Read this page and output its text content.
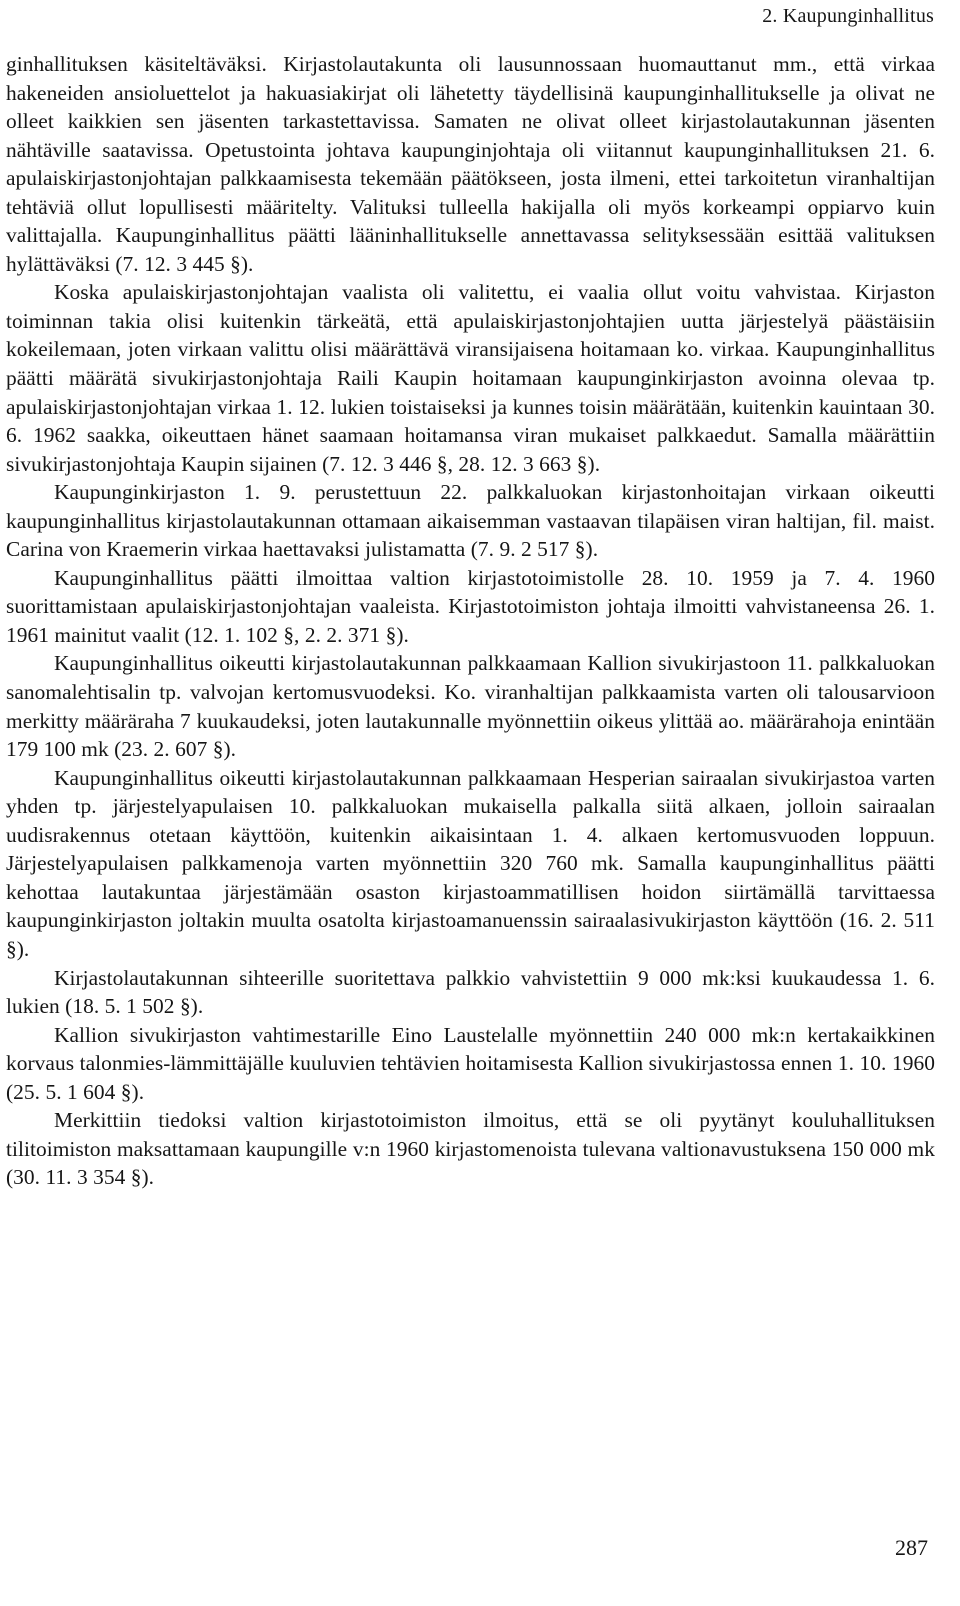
2. Kaupunginhallitus

ginhallituksen käsiteltäväksi. Kirjastolautakunta oli lausunnossaan huomauttanut mm., että virkaa hakeneiden ansioluettelot ja hakuasiakirjat oli lähetetty täydellisinä kaupunginhallitukselle ja olivat ne olleet kaikkien sen jäsenten tarkastettavissa. Samaten ne olivat olleet kirjastolautakunnan jäsenten nähtäville saatavissa. Opetustointa johtava kaupunginjohtaja oli viitannut kaupunginhallituksen 21. 6. apulaiskirjastonjohtajan palkkaamisesta tekemään päätökseen, josta ilmeni, ettei tarkoitetun viranhaltijan tehtäviä ollut lopullisesti määritelty. Valituksi tulleella hakijalla oli myös korkeampi oppiarvo kuin valittajalla. Kaupunginhallitus päätti lääninhallitukselle annettavassa selityksessään esittää valituksen hylättäväksi (7. 12. 3 445 §).

Koska apulaiskirjastonjohtajan vaalista oli valitettu, ei vaalia ollut voitu vahvistaa. Kirjaston toiminnan takia olisi kuitenkin tärkeätä, että apulaiskirjastonjohtajien uutta järjestelyä päästäisiin kokeilemaan, joten virkaan valittu olisi määrättävä viransijaisena hoitamaan ko. virkaa. Kaupunginhallitus päätti määrätä sivukirjastonjohtaja Raili Kaupin hoitamaan kaupunginkirjaston avoinna olevaa tp. apulaiskirjastonjohtajan virkaa 1. 12. lukien toistaiseksi ja kunnes toisin määrätään, kuitenkin kauintaan 30. 6. 1962 saakka, oikeuttaen hänet saamaan hoitamansa viran mukaiset palkkaedut. Samalla määrättiin sivukirjastonjohtaja Kaupin sijainen (7. 12. 3 446 §, 28. 12. 3 663 §).

Kaupunginkirjaston 1. 9. perustettuun 22. palkkaluokan kirjastonhoitajan virkaan oikeutti kaupunginhallitus kirjastolautakunnan ottamaan aikaisemman vastaavan tilapäisen viran haltijan, fil. maist. Carina von Kraemerin virkaa haettavaksi julistamatta (7. 9. 2 517 §).

Kaupunginhallitus päätti ilmoittaa valtion kirjastotoimistolle 28. 10. 1959 ja 7. 4. 1960 suorittamistaan apulaiskirjastonjohtajan vaaleista. Kirjastotoimiston johtaja ilmoitti vahvistaneensa 26. 1. 1961 mainitut vaalit (12. 1. 102 §, 2. 2. 371 §).

Kaupunginhallitus oikeutti kirjastolautakunnan palkkaamaan Kallion sivukirjastoon 11. palkkaluokan sanomalehtisalin tp. valvojan kertomusvuodeksi. Ko. viranhaltijan palkkaamista varten oli talousarvioon merkitty määräraha 7 kuukaudeksi, joten lautakunnalle myönnettiin oikeus ylittää ao. määrärahoja enintään 179 100 mk (23. 2. 607 §).

Kaupunginhallitus oikeutti kirjastolautakunnan palkkaamaan Hesperian sairaalan sivukirjastoa varten yhden tp. järjestelyapulaisen 10. palkkaluokan mukaisella palkalla siitä alkaen, jolloin sairaalan uudisrakennus otetaan käyttöön, kuitenkin aikaisintaan 1. 4. alkaen kertomusvuoden loppuun. Järjestelyapulaisen palkkamenoja varten myönnettiin 320 760 mk. Samalla kaupunginhallitus päätti kehottaa lautakuntaa järjestämään osaston kirjastoammatillisen hoidon siirtämällä tarvittaessa kaupunginkirjaston joltakin muulta osatolta kirjastoamanuenssin sairaalasivukirjaston käyttöön (16. 2. 511 §).

Kirjastolautakunnan sihteerille suoritettava palkkio vahvistettiin 9 000 mk:ksi kuukaudessa 1. 6. lukien (18. 5. 1 502 §).

Kallion sivukirjaston vahtimestarille Eino Laustelalle myönnettiin 240 000 mk:n kertakaikkinen korvaus talonmies-lämmittäjälle kuuluvien tehtävien hoitamisesta Kallion sivukirjastossa ennen 1. 10. 1960 (25. 5. 1 604 §).

Merkittiin tiedoksi valtion kirjastotoimiston ilmoitus, että se oli pyytänyt kouluhallituksen tilitoimiston maksattamaan kaupungille v:n 1960 kirjastomenoista tulevana valtionavustuksena 150 000 mk (30. 11. 3 354 §).

287
